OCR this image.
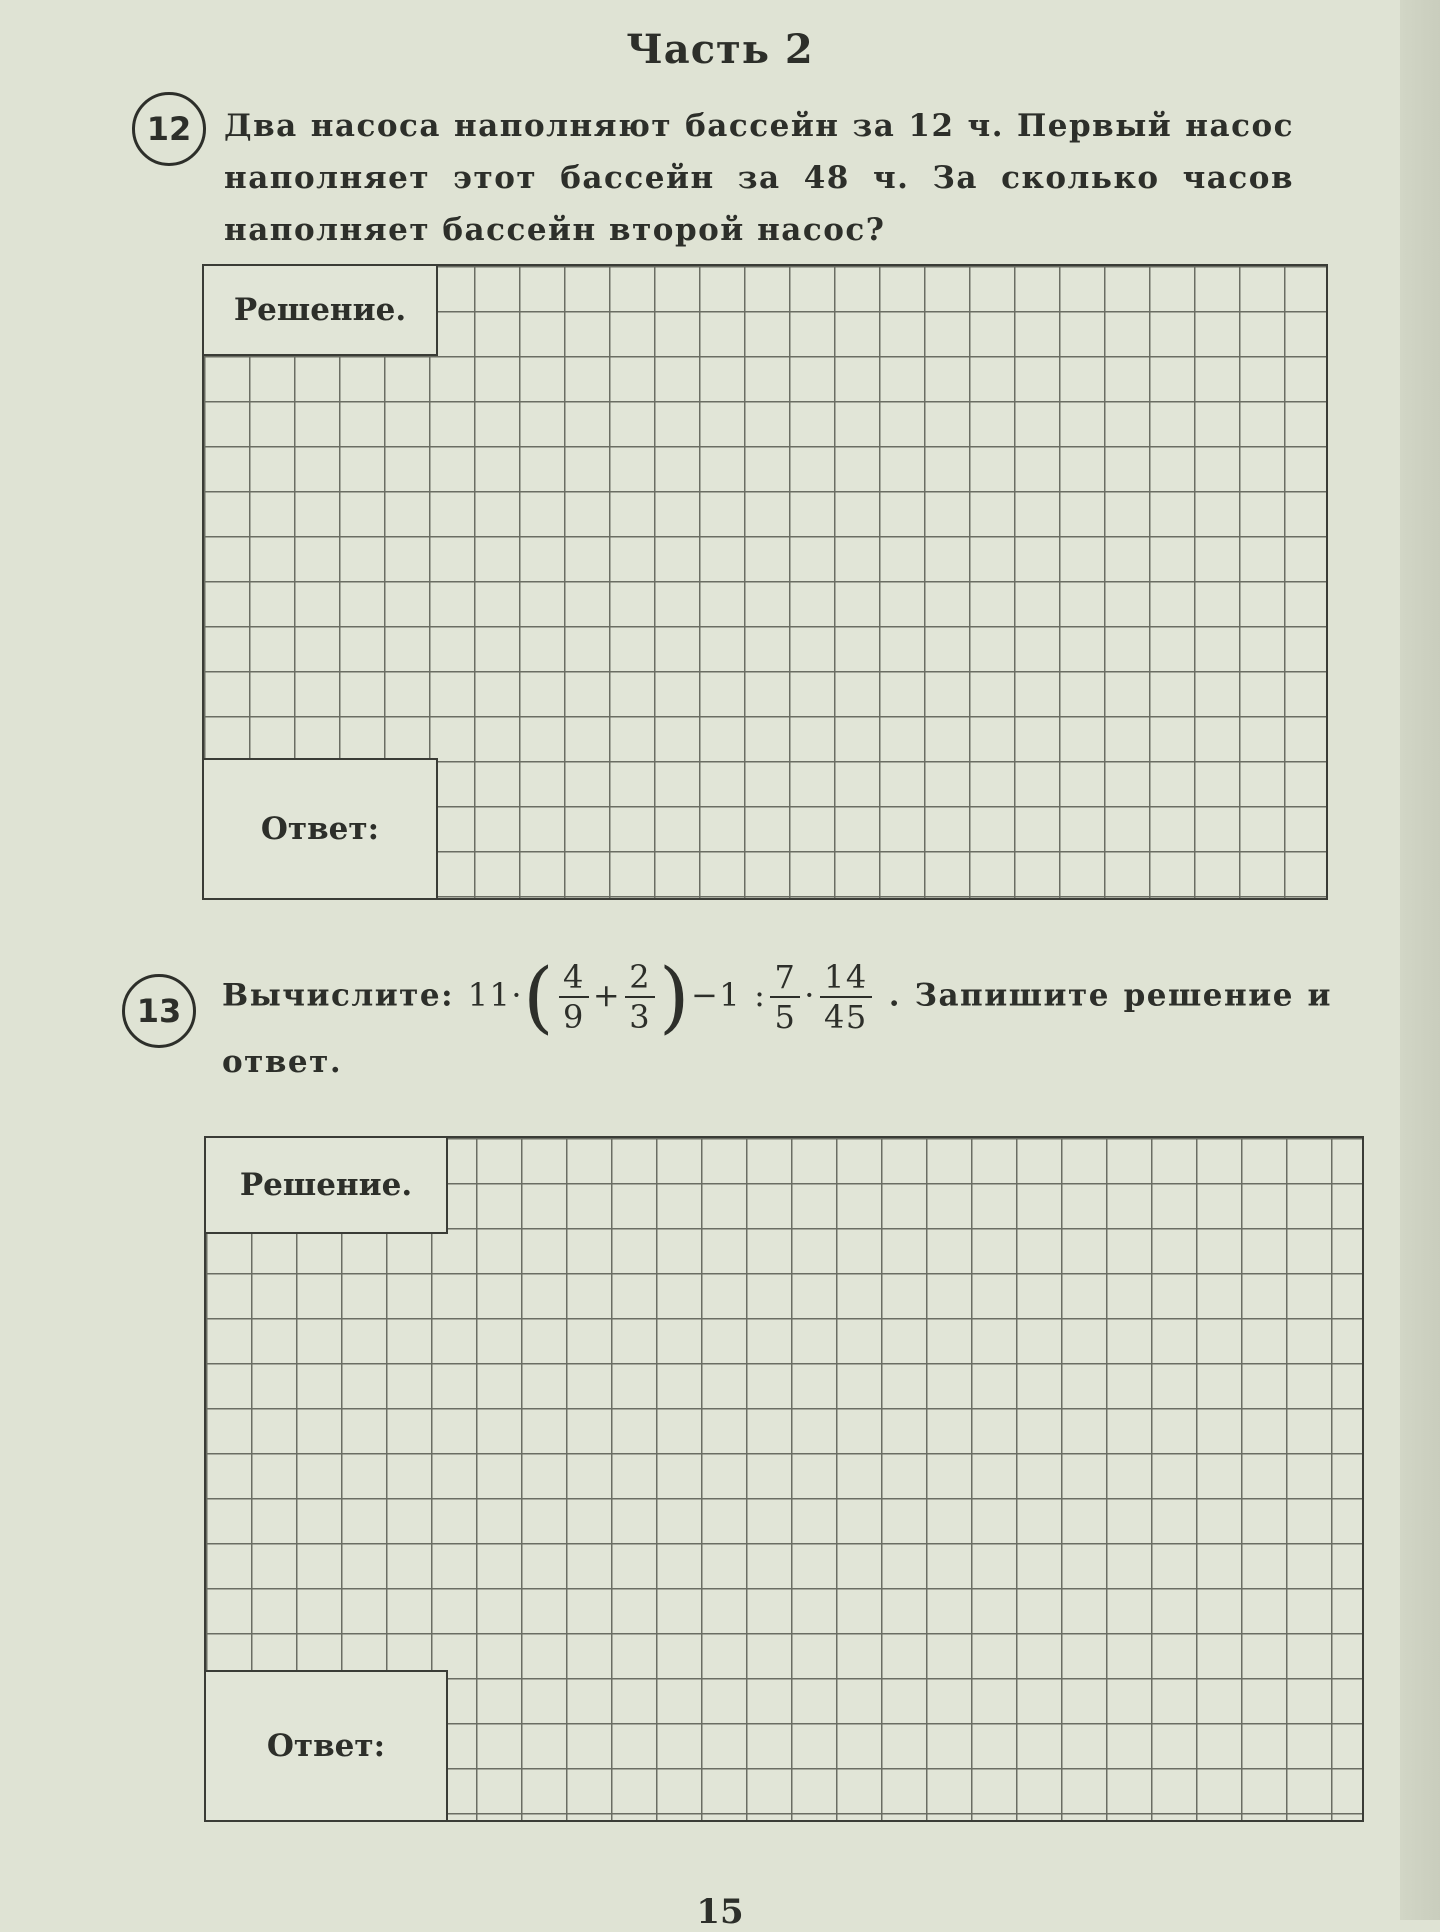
Часть 2
12	Два насоса наполняют бассейн за 12 ч. Первый насос наполняет этот бассейн за 48 ч. За сколько часов наполняет бассейн второй насос?
Решение.
Ответ:
13	Вычислите: $11\cdot( \frac{4}{9} + \frac{2}{3} )-1$ : $\frac{7}{5} \cdot \frac{14}{45}$ . Запишите решение и ответ.
Решение.
Ответ:
15
